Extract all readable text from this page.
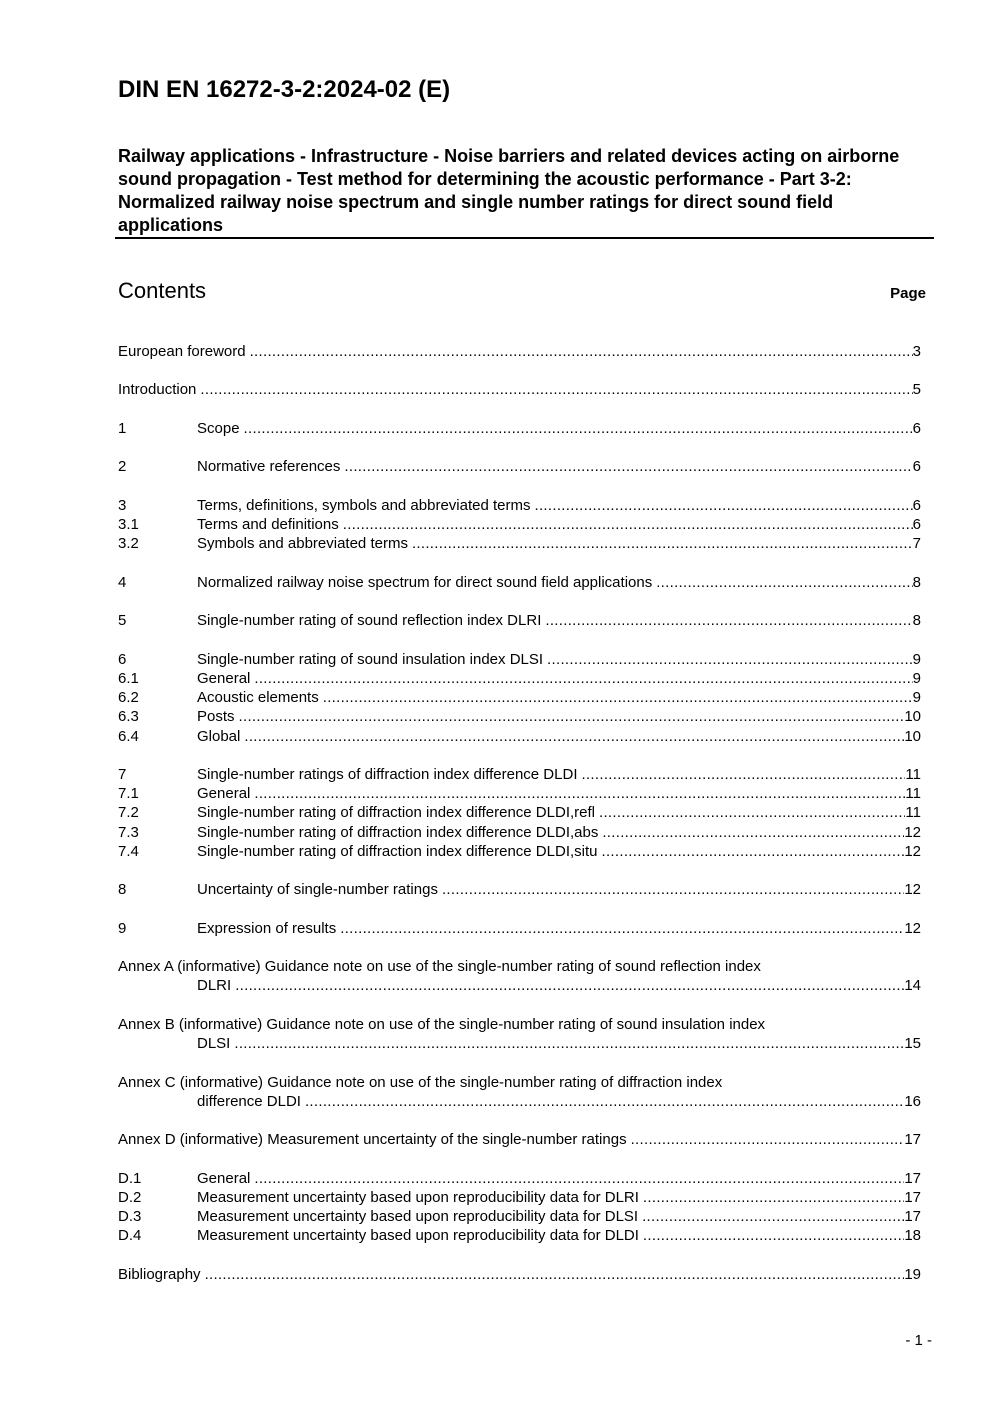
DIN EN 16272-3-2:2024-02 (E)
Railway applications - Infrastructure - Noise barriers and related devices acting on airborne sound propagation - Test method for determining the acoustic performance - Part 3-2: Normalized railway noise spectrum and single number ratings for direct sound field applications
Contents	Page
European foreword .....	3
Introduction .....	5
1	Scope .....	6
2	Normative references .....	6
3	Terms, definitions, symbols and abbreviated terms .....	6
3.1	Terms and definitions .....	6
3.2	Symbols and abbreviated terms .....	7
4	Normalized railway noise spectrum for direct sound field applications .....	8
5	Single-number rating of sound reflection index DLRI .....	8
6	Single-number rating of sound insulation index DLSI .....	9
6.1	General .....	9
6.2	Acoustic elements .....	9
6.3	Posts .....	10
6.4	Global .....	10
7	Single-number ratings of diffraction index difference DLDI .....	11
7.1	General .....	11
7.2	Single-number rating of diffraction index difference DLDI,refl .....	11
7.3	Single-number rating of diffraction index difference DLDI,abs .....	12
7.4	Single-number rating of diffraction index difference DLDI,situ .....	12
8	Uncertainty of single-number ratings .....	12
9	Expression of results .....	12
Annex A (informative) Guidance note on use of the single-number rating of sound reflection index
DLRI .....	14
Annex B (informative) Guidance note on use of the single-number rating of sound insulation index
DLSI .....	15
Annex C (informative) Guidance note on use of the single-number rating of diffraction index
difference DLDI .....	16
Annex D (informative) Measurement uncertainty of the single-number ratings .....	17
D.1	General .....	17
D.2	Measurement uncertainty based upon reproducibility data for DLRI .....	17
D.3	Measurement uncertainty based upon reproducibility data for DLSI .....	17
D.4	Measurement uncertainty based upon reproducibility data for DLDI .....	18
Bibliography .....	19
- 1 -
